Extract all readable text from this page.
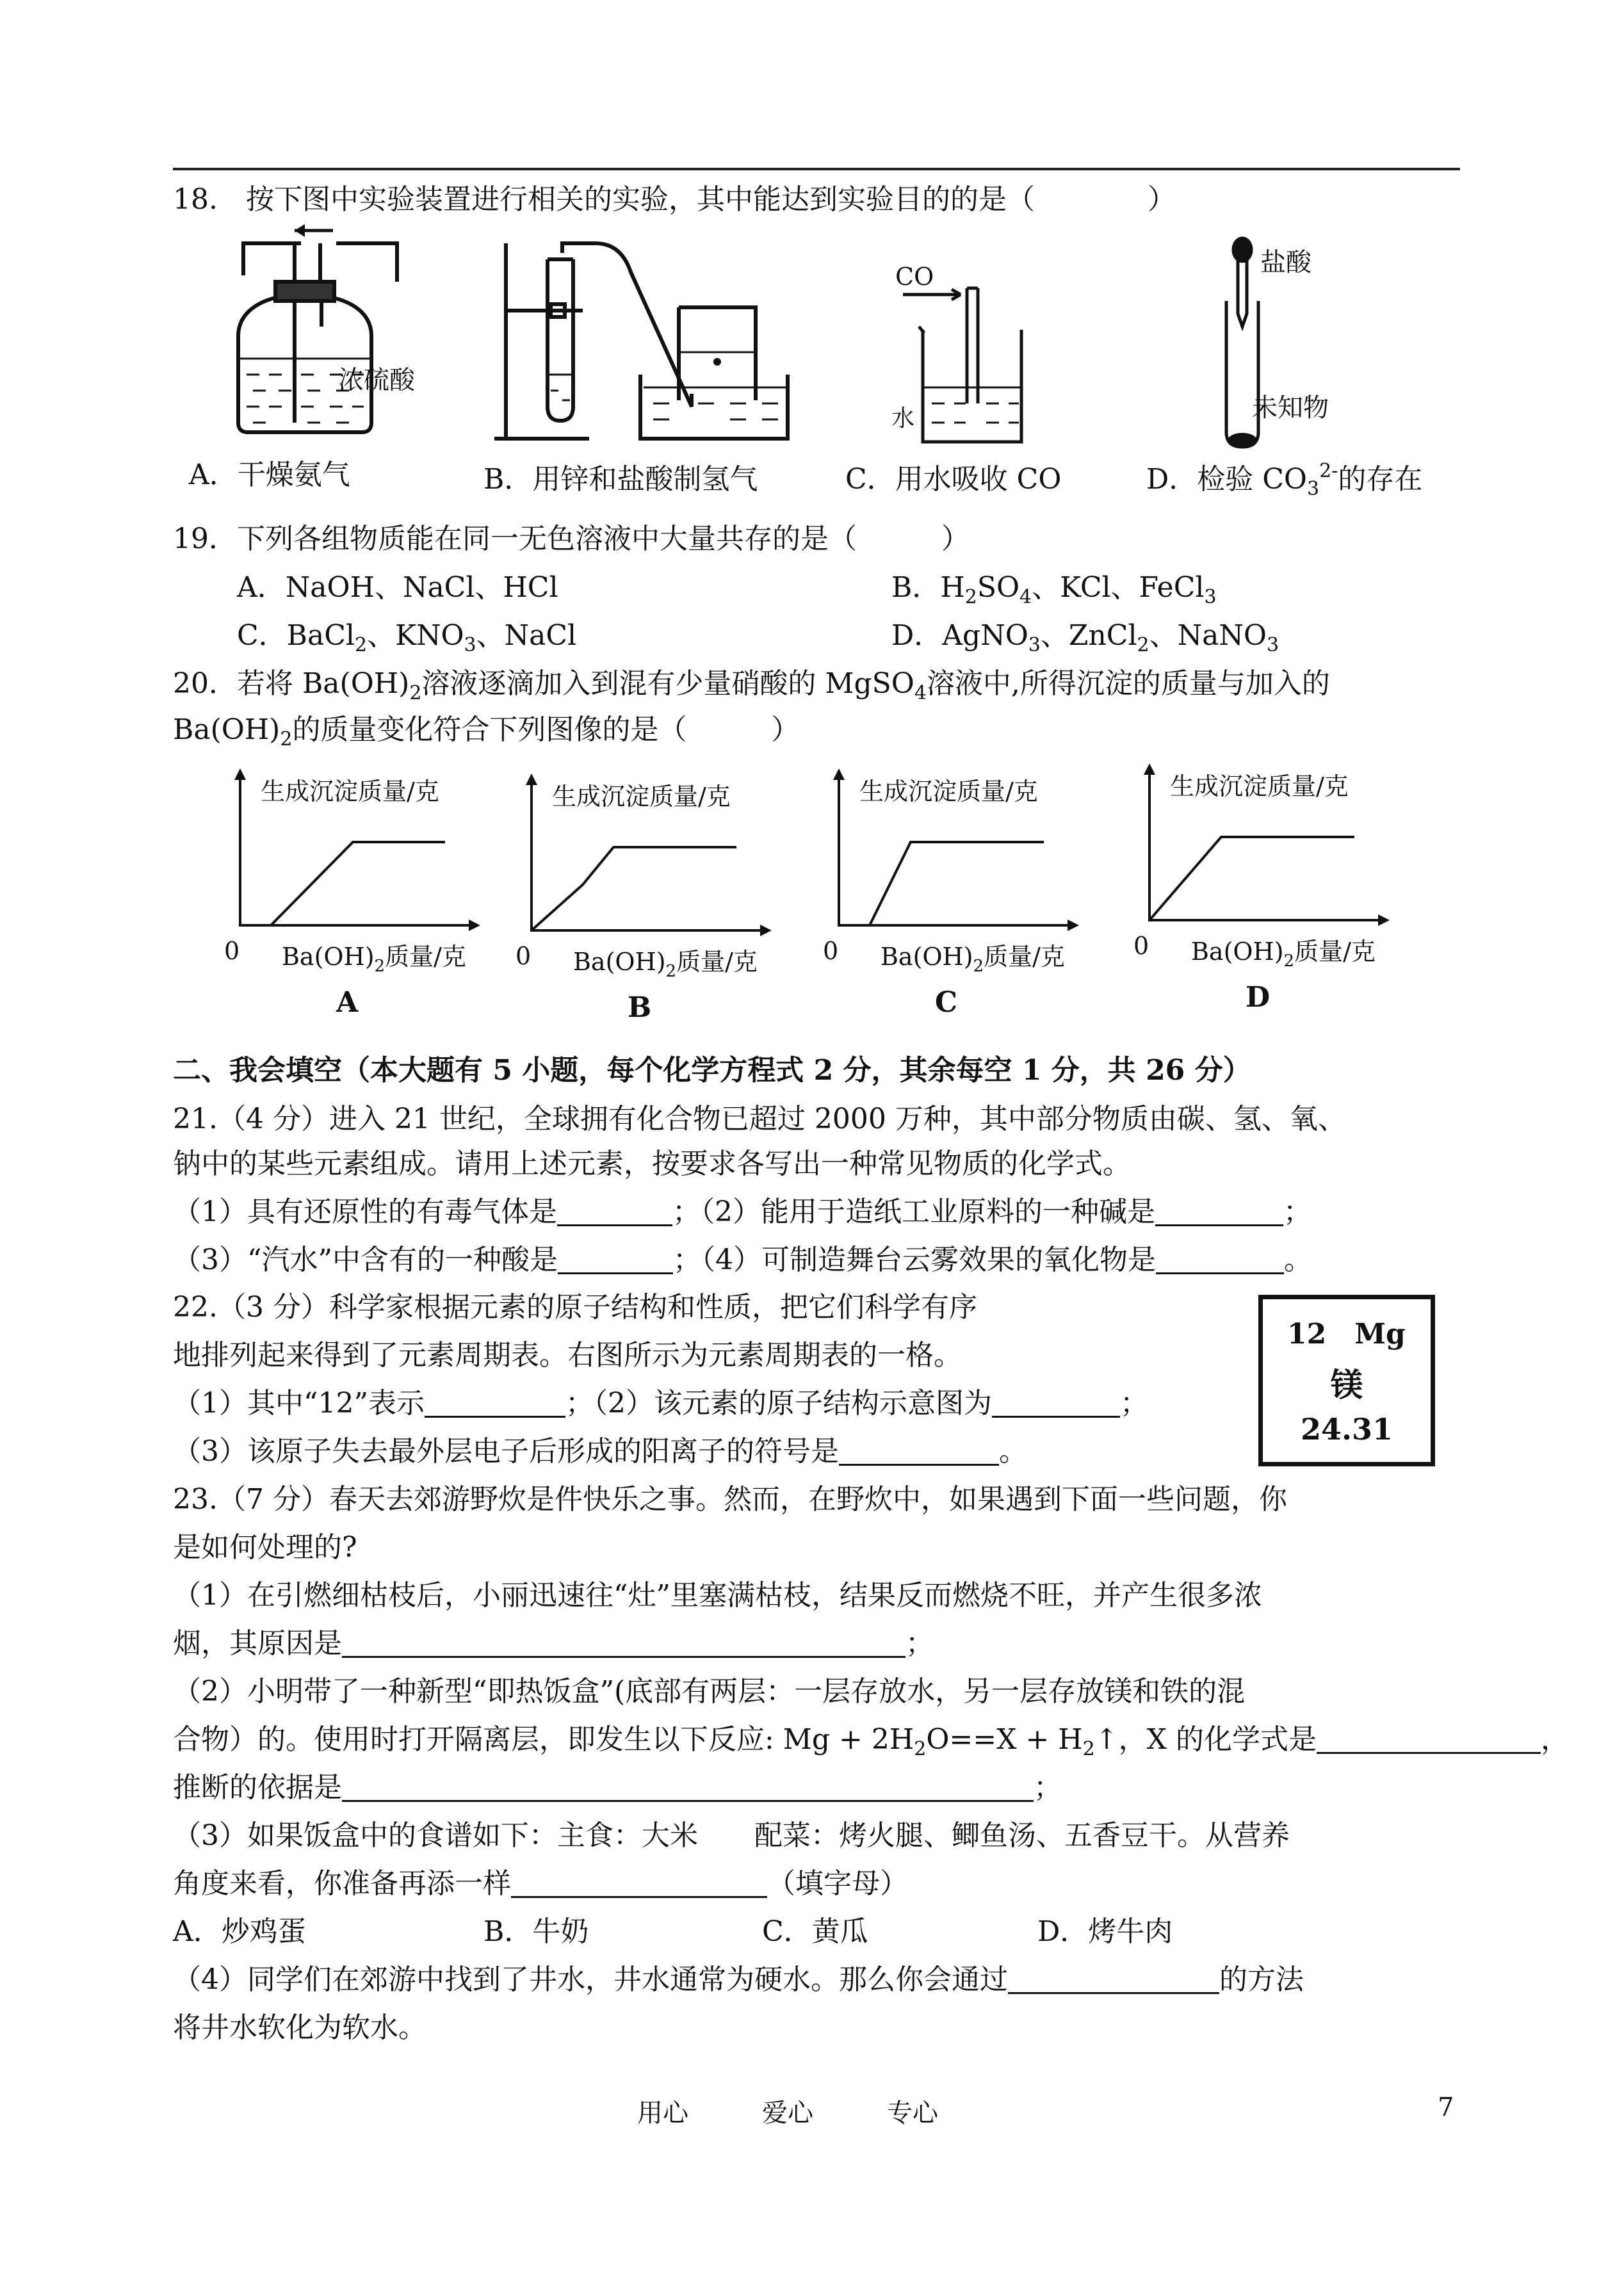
18.　按下图中实验装置进行相关的实验，其中能达到实验目的的是（　　　　）
浓硫酸
CO
水
盐酸
未知物
A．干燥氨气	B．用锌和盐酸制氢气	C．用水吸收 CO	D．检验 $CO_3^{2-}$的存在
19．下列各组物质能在同一无色溶液中大量共存的是（　　　）
A．NaOH、NaCl、HCl	B．$H_2SO_4$、KCl、FeCl$_3$
C．BaCl$_2$、$KNO_3$、NaCl	D．AgNO$_3$、ZnCl$_2$、NaNO$_3$
20．若将 $Ba(OH)_2$溶液逐滴加入到混有少量硝酸的 MgSO$_4$溶液中,所得沉淀的质量与加入的
$Ba(OH)_2$的质量变化符合下列图像的是（　　　）
生成沉淀质量/克
0 $Ba(OH)_2$质量/克
A
生成沉淀质量/克
0 $Ba(OH)_2$质量/克
B
生成沉淀质量/克
0 $Ba(OH)_2$质量/克
C
生成沉淀质量/克
0 $Ba(OH)_2$质量/克
D
二、我会填空（本大题有 5 小题，每个化学方程式 2 分，其余每空 1 分，共 26 分）
21.（4 分）进入 21 世纪，全球拥有化合物已超过 2000 万种，其中部分物质由碳、氢、氧、
钠中的某些元素组成。请用上述元素，按要求各写出一种常见物质的化学式。
（1）具有还原性的有毒气体是	；（2）能用于造纸工业原料的一种碱是	；
（3）“汽水”中含有的一种酸是	；（4）可制造舞台云雾效果的氧化物是	。
22.（3 分）科学家根据元素的原子结构和性质，把它们科学有序
地排列起来得到了元素周期表。右图所示为元素周期表的一格。
（1）其中“12”表示	；（2）该元素的原子结构示意图为	；
（3）该原子失去最外层电子后形成的阳离子的符号是	。
12　 Mg
镁
24.31
23.（7 分）春天去郊游野炊是件快乐之事。然而，在野炊中，如果遇到下面一些问题，你
是如何处理的?
（1）在引燃细枯枝后，小丽迅速往“灶”里塞满枯枝，结果反而燃烧不旺，并产生很多浓
烟，其原因是	；
（2）小明带了一种新型“即热饭盒”(底部有两层：一层存放水，另一层存放镁和铁的混
合物）的。使用时打开隔离层，即发生以下反应: $Mg + 2H_2O==X$ + $H_2↑$，X 的化学式是	，
推断的依据是	；
（3）如果饭盒中的食谱如下：主食：大米　　配菜：烤火腿、鲫鱼汤、五香豆干。从营养
角度来看，你准备再添一样	（填字母）
A．炒鸡蛋	B．牛奶	C．黄瓜	D．烤牛肉
（4）同学们在郊游中找到了井水，井水通常为硬水。那么你会通过	的方法
将井水软化为软水。
用心	爱心	专心	7
